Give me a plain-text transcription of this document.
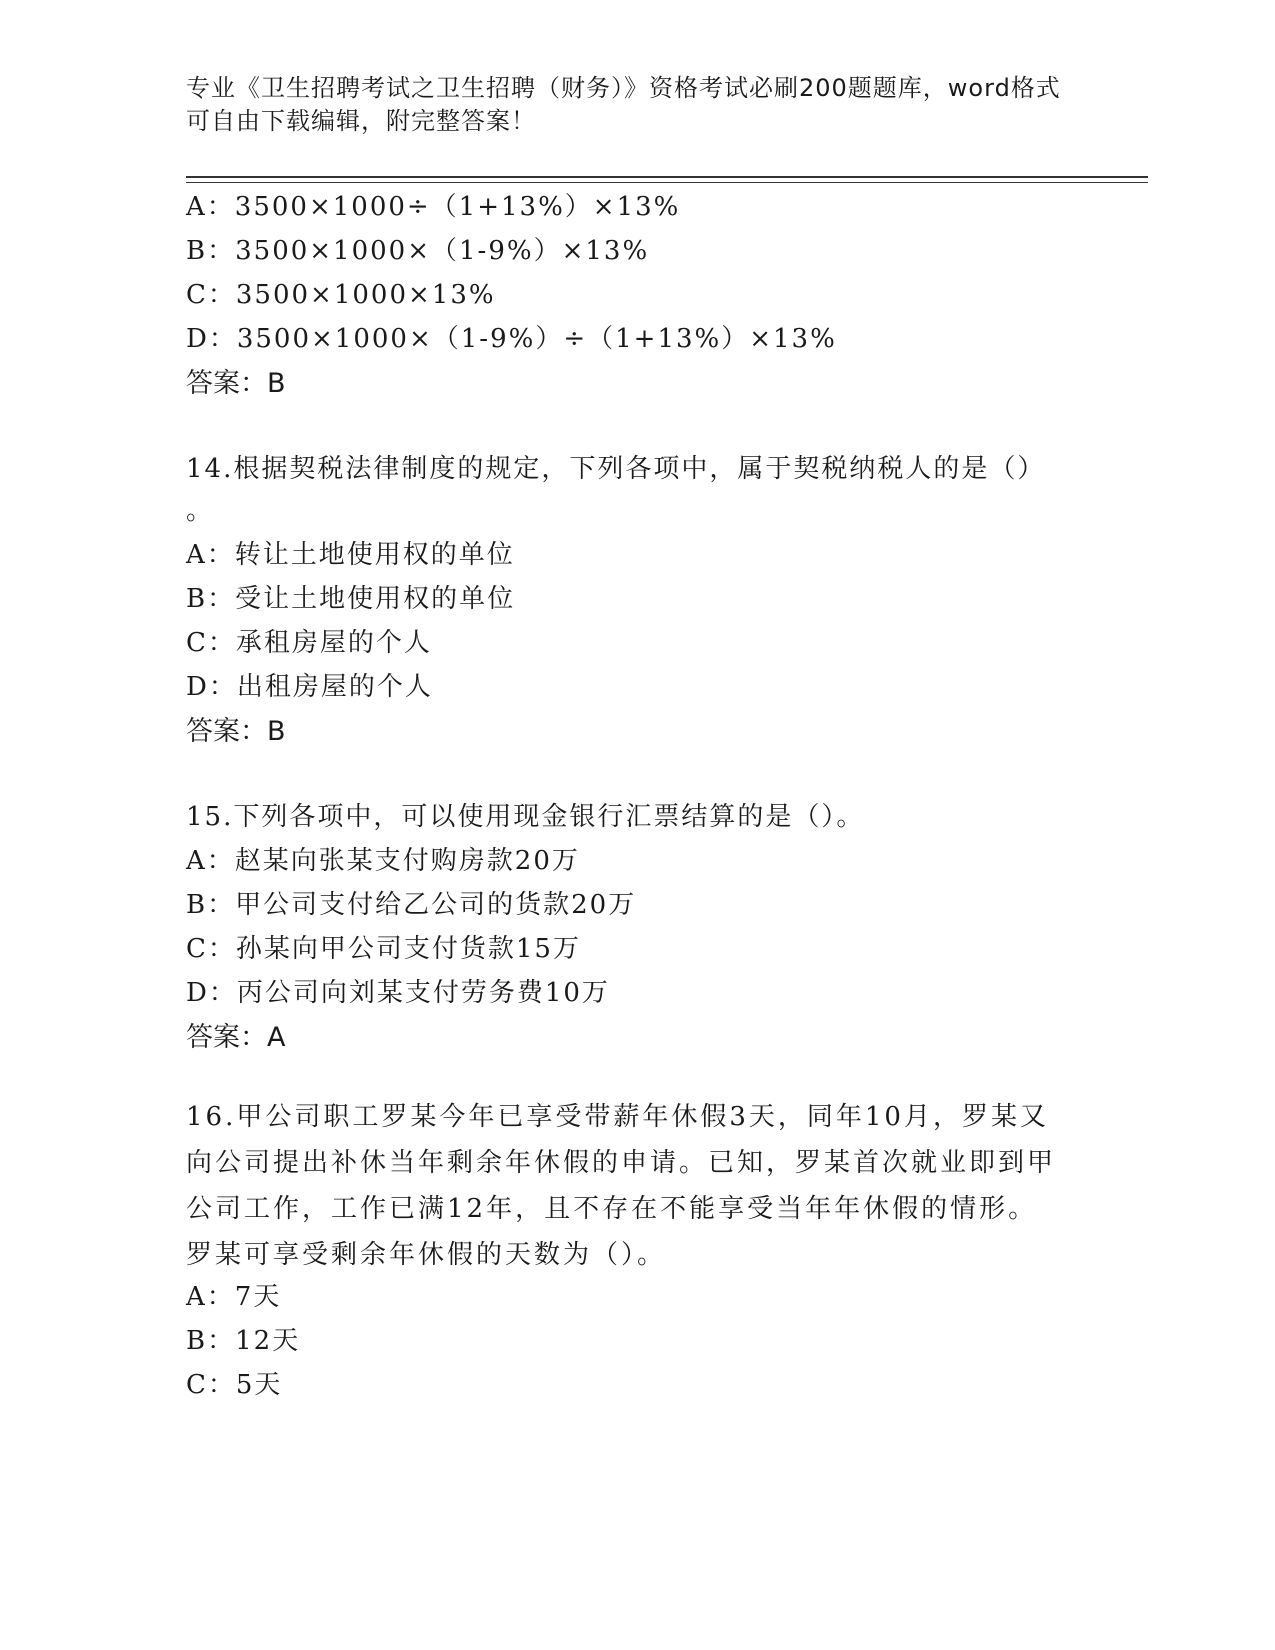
专业《卫生招聘考试之卫生招聘（财务）》资格考试必刷200题题库，word格式
可自由下载编辑，附完整答案！
A：3500×1000÷（1+13%）×13%
B：3500×1000×（1-9%）×13%
C：3500×1000×13%
D：3500×1000×（1-9%）÷（1+13%）×13%
答案：B
14.根据契税法律制度的规定，下列各项中，属于契税纳税人的是（）
。
A：转让土地使用权的单位
B：受让土地使用权的单位
C：承租房屋的个人
D：出租房屋的个人
答案：B
15.下列各项中，可以使用现金银行汇票结算的是（）。
A：赵某向张某支付购房款20万
B：甲公司支付给乙公司的货款20万
C：孙某向甲公司支付货款15万
D：丙公司向刘某支付劳务费10万
答案：A
16.甲公司职工罗某今年已享受带薪年休假3天，同年10月，罗某又向公司提出补休当年剩余年休假的申请。已知，罗某首次就业即到甲公司工作，工作已满12年，且不存在不能享受当年年休假的情形。罗某可享受剩余年休假的天数为（）。
A：7天
B：12天
C：5天
